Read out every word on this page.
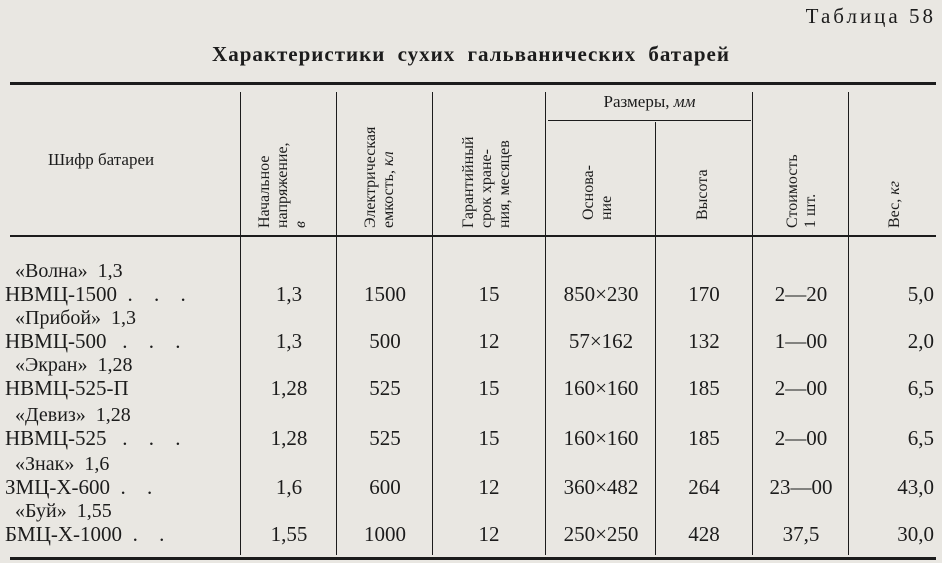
Таблица 58
Характеристики сухих гальванических батарей
Шифр батареи	Начальное напряжение, в	Электрическая емкость, кл	Гарантийный срок хране- ния, месяцев
Размеры, мм
Основа- ние	Высота	Стоимость 1 шт.	Вес, кг
«Волна»  1,3
НВМЦ-1500 . . .	1,3	1500	15	850×230	170	2—20	5,0
«Прибой»  1,3
НВМЦ-500 . . .	1,3	500	12	57×162	132	1—00	2,0
«Экран»  1,28
НВМЦ-525-П	1,28	525	15	160×160	185	2—00	6,5
«Девиз»  1,28
НВМЦ-525 . . .	1,28	525	15	160×160	185	2—00	6,5
«Знак»  1,6
ЗМЦ-Х-600 . .	1,6	600	12	360×482	264	23—00	43,0
«Буй»  1,55
БМЦ-Х-1000 . .	1,55	1000	12	250×250	428	37,5	30,0
